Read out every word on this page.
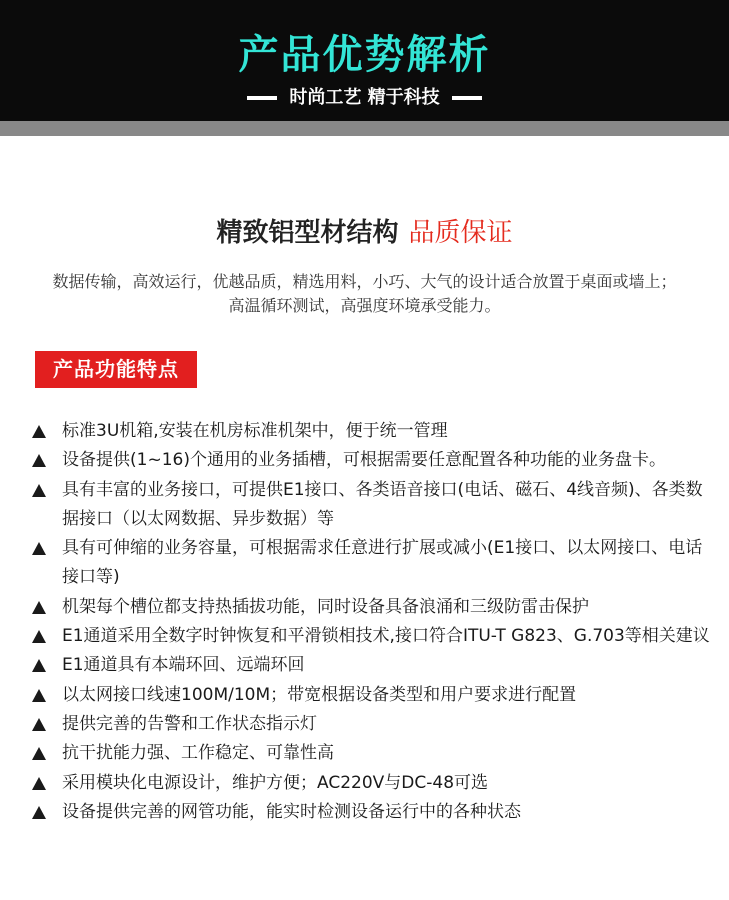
产品优势解析
时尚工艺 精于科技
精致铝型材结构 品质保证
数据传输，高效运行，优越品质，精选用料，小巧、大气的设计适合放置于桌面或墙上；高温循环测试，高强度环境承受能力。
产品功能特点
标准3U机箱,安装在机房标准机架中，便于统一管理
设备提供(1~16)个通用的业务插槽，可根据需要任意配置各种功能的业务盘卡。
具有丰富的业务接口，可提供E1接口、各类语音接口(电话、磁石、4线音频)、各类数据接口（以太网数据、异步数据）等
具有可伸缩的业务容量，可根据需求任意进行扩展或减小(E1接口、以太网接口、电话接口等)
机架每个槽位都支持热插拔功能，同时设备具备浪涌和三级防雷击保护
E1通道采用全数字时钟恢复和平滑锁相技术,接口符合ITU-T G823、G.703等相关建议
E1通道具有本端环回、远端环回
以太网接口线速100M/10M；带宽根据设备类型和用户要求进行配置
提供完善的告警和工作状态指示灯
抗干扰能力强、工作稳定、可靠性高
采用模块化电源设计，维护方便；AC220V与DC-48可选
设备提供完善的网管功能，能实时检测设备运行中的各种状态
